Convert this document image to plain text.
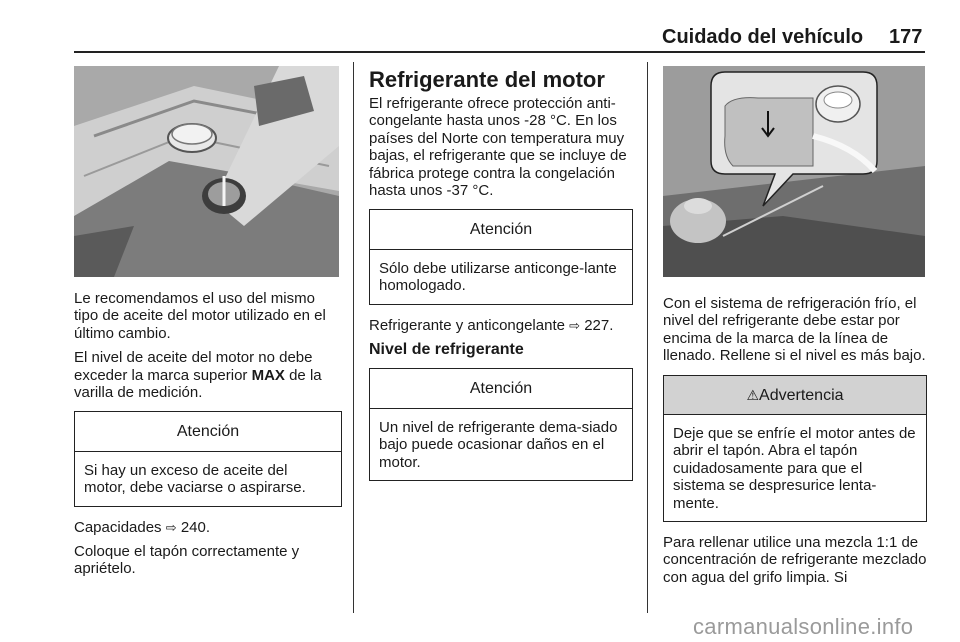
Cuidado del vehículo 177

Le recomendamos el uso del mismo tipo de aceite del motor utilizado en el último cambio.

El nivel de aceite del motor no debe exceder la marca superior MAX de la varilla de medición.

Atención
Si hay un exceso de aceite del motor, debe vaciarse o aspirarse.

Capacidades ⇨ 240.

Coloque el tapón correctamente y apriételo.

Refrigerante del motor

El refrigerante ofrece protección anti-congelante hasta unos -28 °C. En los países del Norte con temperatura muy bajas, el refrigerante que se incluye de fábrica protege contra la congelación hasta unos -37 °C.

Atención
Sólo debe utilizarse anticonge-lante homologado.

Refrigerante y anticongelante ⇨ 227.

Nivel de refrigerante
Atención
Un nivel de refrigerante dema-siado bajo puede ocasionar daños en el motor.

Con el sistema de refrigeración frío, el nivel del refrigerante debe estar por encima de la marca de la línea de llenado. Rellene si el nivel es más bajo.

⚠Advertencia
Deje que se enfríe el motor antes de abrir el tapón. Abra el tapón cuidadosamente para que el sistema se despresurice lenta-mente.

Para rellenar utilice una mezcla 1:1 de concentración de refrigerante mezclado con agua del grifo limpia. Si

carmanualsonline.info
